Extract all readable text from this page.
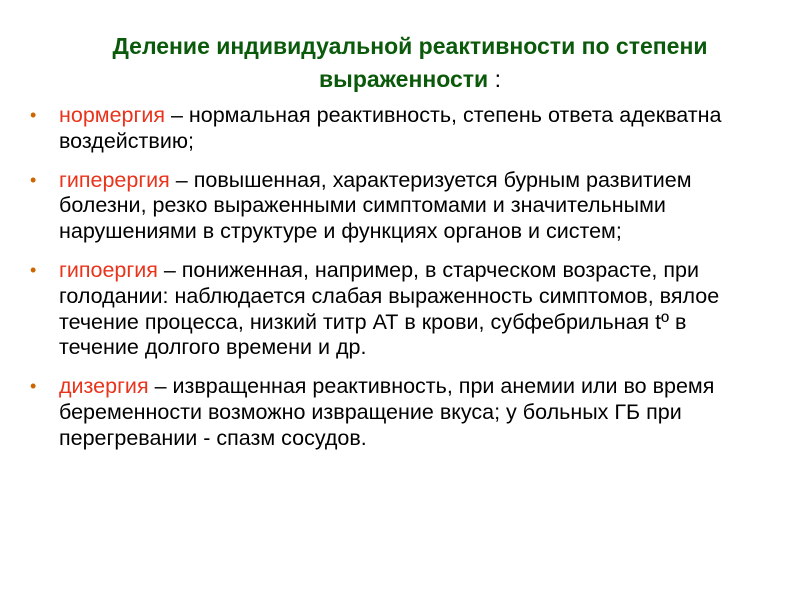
Деление индивидуальной реактивности по степени выраженности :
•	нормергия – нормальная реактивность, степень ответа адекватна воздействию;
•	гиперергия – повышенная, характеризуется бурным развитием болезни, резко выраженными симптомами и значительными нарушениями в структуре и функциях органов и систем;
•	гипоергия – пониженная, например, в старческом возрасте, при голодании: наблюдается слабая выраженность симптомов, вялое течение процесса, низкий титр АТ в крови, субфебрильная tº в течение долгого времени и др.
•	дизергия – извращенная реактивность, при анемии или во время беременности возможно извращение вкуса; у больных ГБ при перегревании - спазм сосудов.
